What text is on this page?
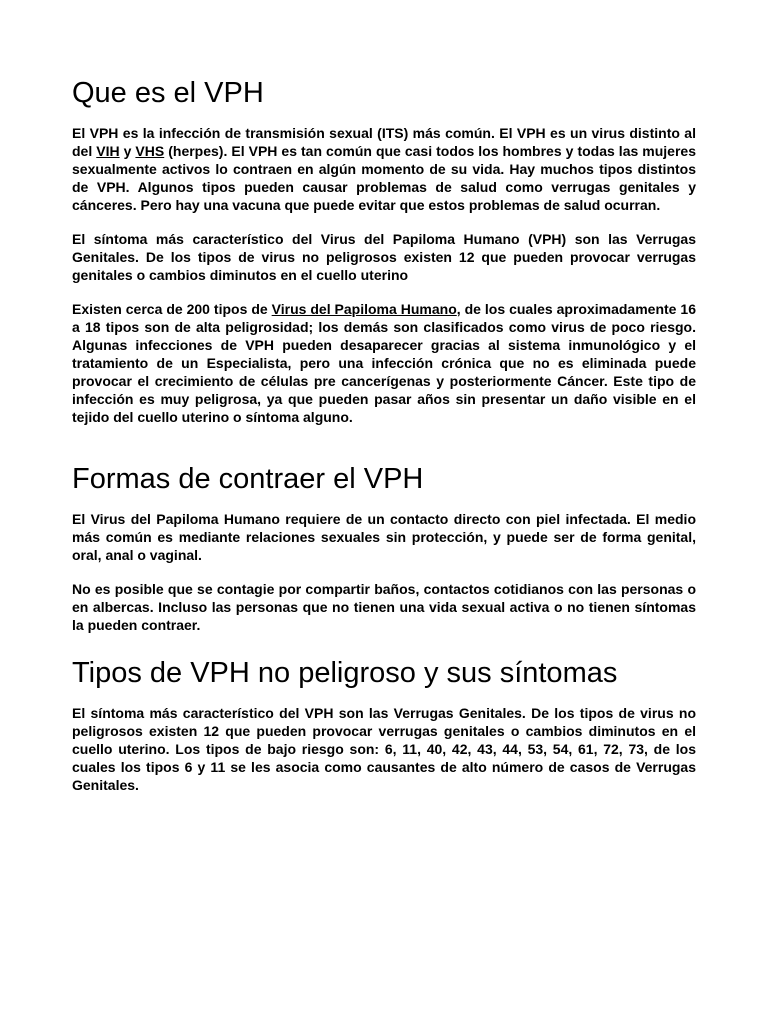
Que es el VPH

El VPH es la infección de transmisión sexual (ITS) más común. El VPH es un virus distinto al del VIH y VHS (herpes). El VPH es tan común que casi todos los hombres y todas las mujeres sexualmente activos lo contraen en algún momento de su vida. Hay muchos tipos distintos de VPH. Algunos tipos pueden causar problemas de salud como verrugas genitales y cánceres. Pero hay una vacuna que puede evitar que estos problemas de salud ocurran.

El síntoma más característico del Virus del Papiloma Humano (VPH) son las Verrugas Genitales. De los tipos de virus no peligrosos existen 12 que pueden provocar verrugas genitales o cambios diminutos en el cuello uterino

Existen cerca de 200 tipos de Virus del Papiloma Humano, de los cuales aproximadamente 16 a 18 tipos son de alta peligrosidad; los demás son clasificados como virus de poco riesgo. Algunas infecciones de VPH pueden desaparecer gracias al sistema inmunológico y el tratamiento de un Especialista, pero una infección crónica que no es eliminada puede provocar el crecimiento de células pre cancerígenas y posteriormente Cáncer. Este tipo de infección es muy peligrosa, ya que pueden pasar años sin presentar un daño visible en el tejido del cuello uterino o síntoma alguno.

Formas de contraer el VPH

El Virus del Papiloma Humano requiere de un contacto directo con piel infectada. El medio más común es mediante relaciones sexuales sin protección, y puede ser de forma genital, oral, anal o vaginal.

No es posible que se contagie por compartir baños, contactos cotidianos con las personas o en albercas. Incluso las personas que no tienen una vida sexual activa o no tienen síntomas la pueden contraer.

Tipos de VPH no peligroso y sus síntomas

El síntoma más característico del VPH son las Verrugas Genitales. De los tipos de virus no peligrosos existen 12 que pueden provocar verrugas genitales o cambios diminutos en el cuello uterino. Los tipos de bajo riesgo son: 6, 11, 40, 42, 43, 44, 53, 54, 61, 72, 73, de los cuales los tipos 6 y 11 se les asocia como causantes de alto número de casos de Verrugas Genitales.
